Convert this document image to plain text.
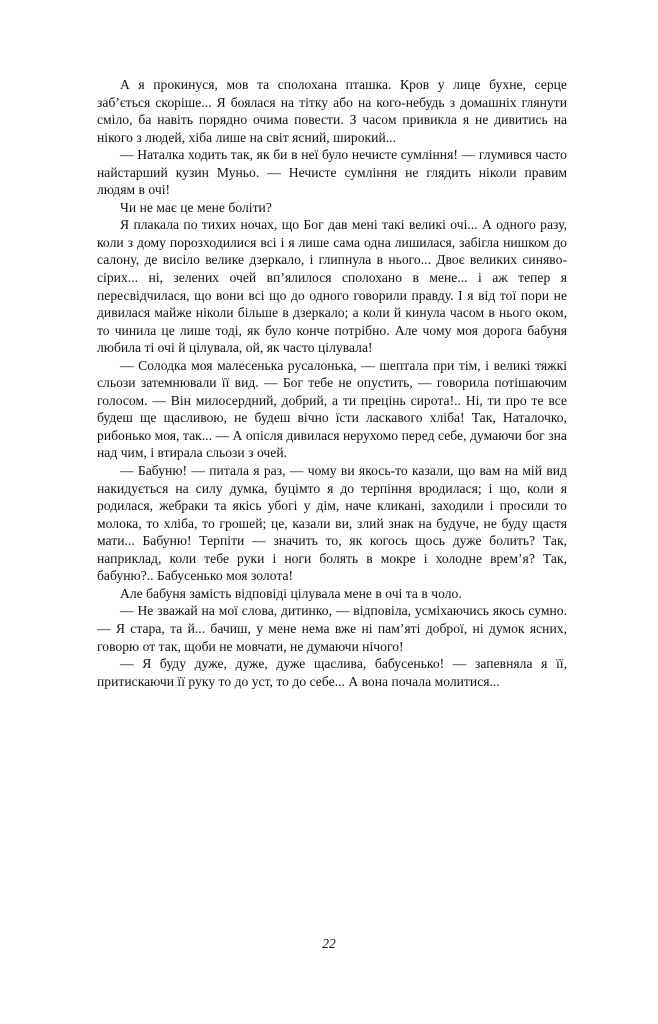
А я прокинуся, мов та сполохана пташка. Кров у лице бухне, серце заб’ється скоріше... Я боялася на тітку або на кого-небудь з домашніх глянути сміло, ба навіть порядно очима повести. З часом привикла я не дивитись на нікого з людей, хіба лише на світ ясний, широкий...

— Наталка ходить так, як би в неї було нечисте сумління! — глумився часто найстарший кузин Муньо. — Нечисте сумління не глядить ніколи правим людям в очі!

Чи не має це мене боліти?

Я плакала по тихих ночах, що Бог дав мені такі великі очі... А одного разу, коли з дому порозходилися всі і я лише сама одна лишилася, забігла нишком до салону, де висіло велике дзеркало, і глипнула в нього... Двоє великих синяво-сірих... ні, зелених очей вп’ялилося сполохано в мене... і аж тепер я пересвідчилася, що вони всі що до одного говорили правду. І я від тої пори не дивилася майже ніколи більше в дзеркало; а коли й кинула часом в нього оком, то чинила це лише тоді, як було конче потрібно. Але чому моя дорога бабуня любила ті очі й цілувала, ой, як часто цілувала!

— Солодка моя малесенька русалонька, — шептала при тім, і великі тяжкі сльози затемнювали її вид. — Бог тебе не опустить, — говорила потішаючим голосом. — Він милосердний, добрий, а ти прецінь сирота!.. Ні, ти про те все будеш ще щасливою, не будеш вічно їсти ласкавого хліба! Так, Наталочко, рибонько моя, так... — А опісля дивилася нерухомо перед себе, думаючи бог зна над чим, і втирала сльози з очей.

— Бабуню! — питала я раз, — чому ви якось-то казали, що вам на мій вид накидується на силу думка, буцімто я до терпіння вродилася; і що, коли я родилася, жебраки та якісь убогі у дім, наче кликані, заходили і просили то молока, то хліба, то грошей; це, казали ви, злий знак на будуче, не буду щастя мати... Бабуню! Терпіти — значить то, як когось щось дуже болить? Так, наприклад, коли тебе руки і ноги болять в мокре і холодне врем’я? Так, бабуню?.. Бабусенько моя золота!

Але бабуня замість відповіді цілувала мене в очі та в чоло.

— Не зважай на мої слова, дитинко, — відповіла, усміхаючись якось сумно. — Я стара, та й... бачиш, у мене нема вже ні пам’яті доброї, ні думок ясних, говорю от так, щоби не мовчати, не думаючи нічого!

— Я буду дуже, дуже, дуже щаслива, бабусенько! — запевняла я її, притискаючи її руку то до уст, то до себе... А вона почала молитися...

22
